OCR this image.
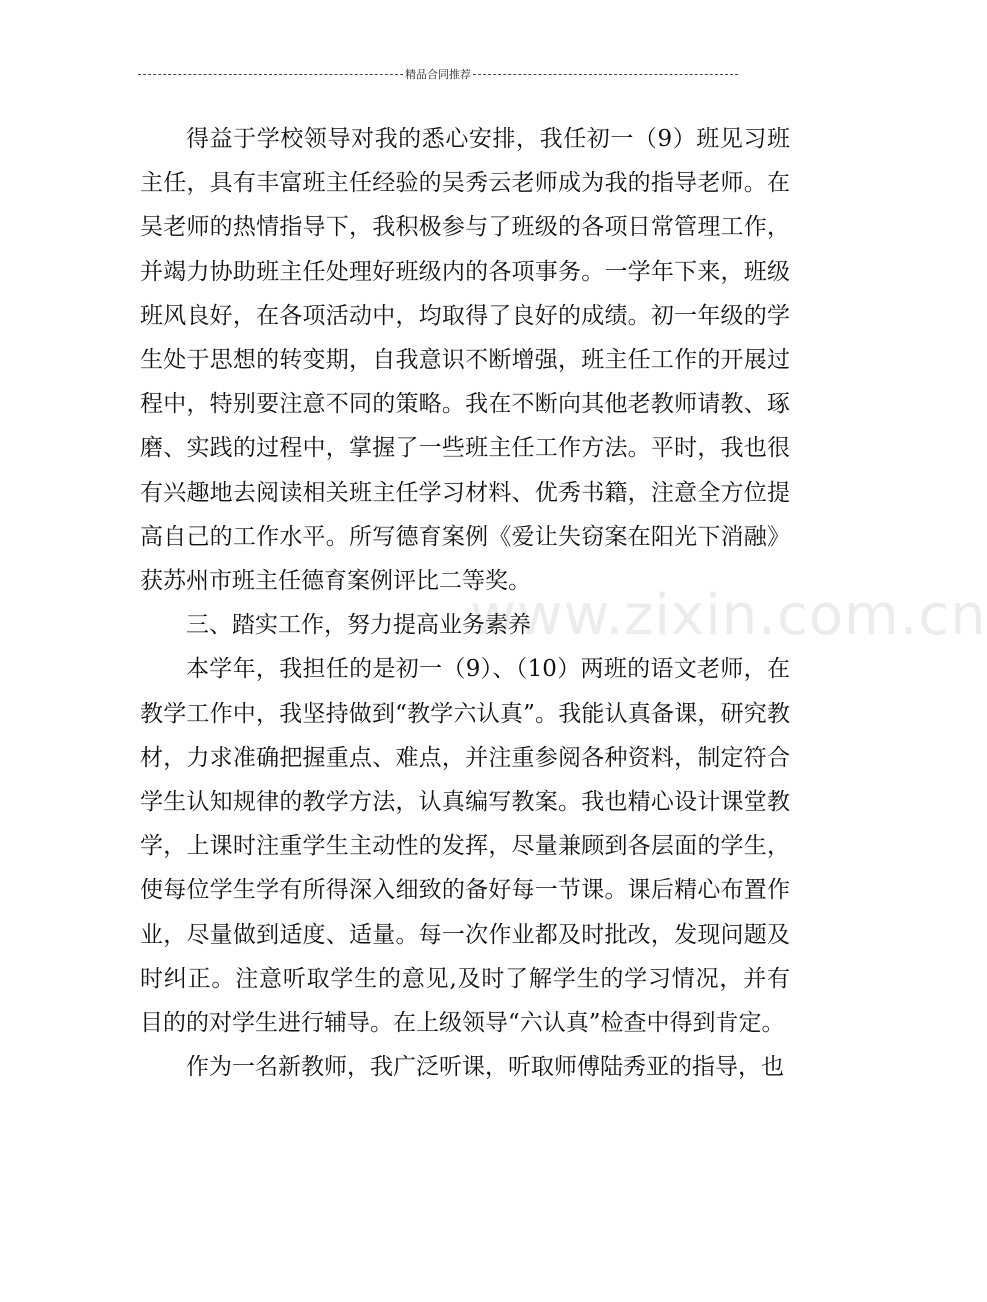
精品合同推荐
www.zixin.com.cn

得益于学校领导对我的悉心安排，我任初一（9）班见习班主任，具有丰富班主任经验的吴秀云老师成为我的指导老师。在吴老师的热情指导下，我积极参与了班级的各项日常管理工作，并竭力协助班主任处理好班级内的各项事务。一学年下来，班级班风良好，在各项活动中，均取得了良好的成绩。初一年级的学生处于思想的转变期，自我意识不断增强，班主任工作的开展过程中，特别要注意不同的策略。我在不断向其他老教师请教、琢磨、实践的过程中，掌握了一些班主任工作方法。平时，我也很有兴趣地去阅读相关班主任学习材料、优秀书籍，注意全方位提高自己的工作水平。所写德育案例《爱让失窃案在阳光下消融》获苏州市班主任德育案例评比二等奖。

三、踏实工作，努力提高业务素养

本学年，我担任的是初一（9）、（10）两班的语文老师，在教学工作中，我坚持做到“教学六认真”。我能认真备课，研究教材，力求准确把握重点、难点，并注重参阅各种资料，制定符合学生认知规律的教学方法，认真编写教案。我也精心设计课堂教学，上课时注重学生主动性的发挥，尽量兼顾到各层面的学生，使每位学生学有所得深入细致的备好每一节课。课后精心布置作业，尽量做到适度、适量。每一次作业都及时批改，发现问题及时纠正。注意听取学生的意见,及时了解学生的学习情况，并有目的的对学生进行辅导。在上级领导“六认真”检查中得到肯定。

作为一名新教师，我广泛听课，听取师傅陆秀亚的指导，也
